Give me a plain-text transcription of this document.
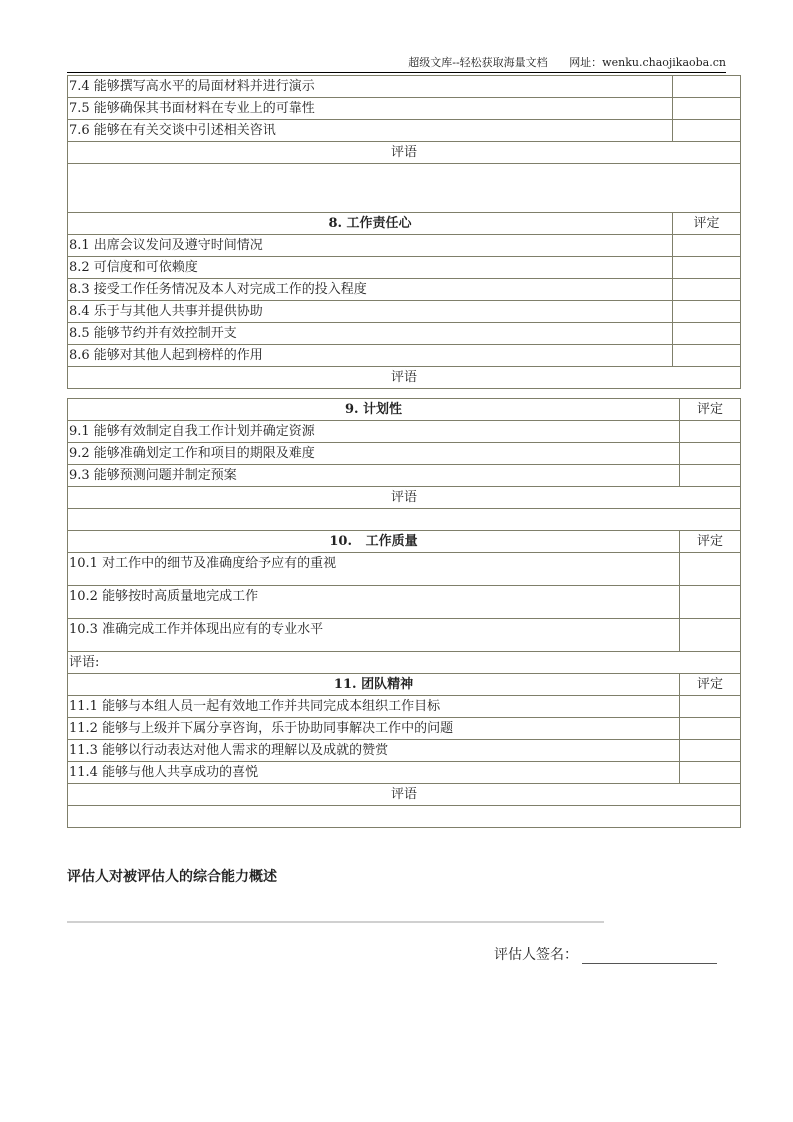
超级文库--轻松获取海量文档 网址：wenku.chaojikaoba.cn
7.4 能够撰写高水平的局面材料并进行演示	
7.5 能够确保其书面材料在专业上的可靠性	
7.6 能够在有关交谈中引述相关咨讯	
评语	

8. 工作责任心	评定
8.1 出席会议发问及遵守时间情况	
8.2 可信度和可依赖度	
8.3 接受工作任务情况及本人对完成工作的投入程度	
8.4 乐于与其他人共事并提供协助	
8.5 能够节约并有效控制开支	
8.6 能够对其他人起到榜样的作用	
评语	
9. 计划性	评定
9.1 能够有效制定自我工作计划并确定资源	
9.2 能够准确划定工作和项目的期限及难度	
9.3 能够预测问题并制定预案	
评语	

10.   工作质量	评定
10.1 对工作中的细节及准确度给予应有的重视	
10.2 能够按时高质量地完成工作	
10.3 准确完成工作并体现出应有的专业水平	
评语:	
11. 团队精神	评定
11.1 能够与本组人员一起有效地工作并共同完成本组织工作目标	
11.2 能够与上级并下属分享咨询，乐于协助同事解决工作中的问题	
11.3 能够以行动表达对他人需求的理解以及成就的赞赏	
11.4 能够与他人共享成功的喜悦	
评语	

评估人对被评估人的综合能力概述
评估人签名：
